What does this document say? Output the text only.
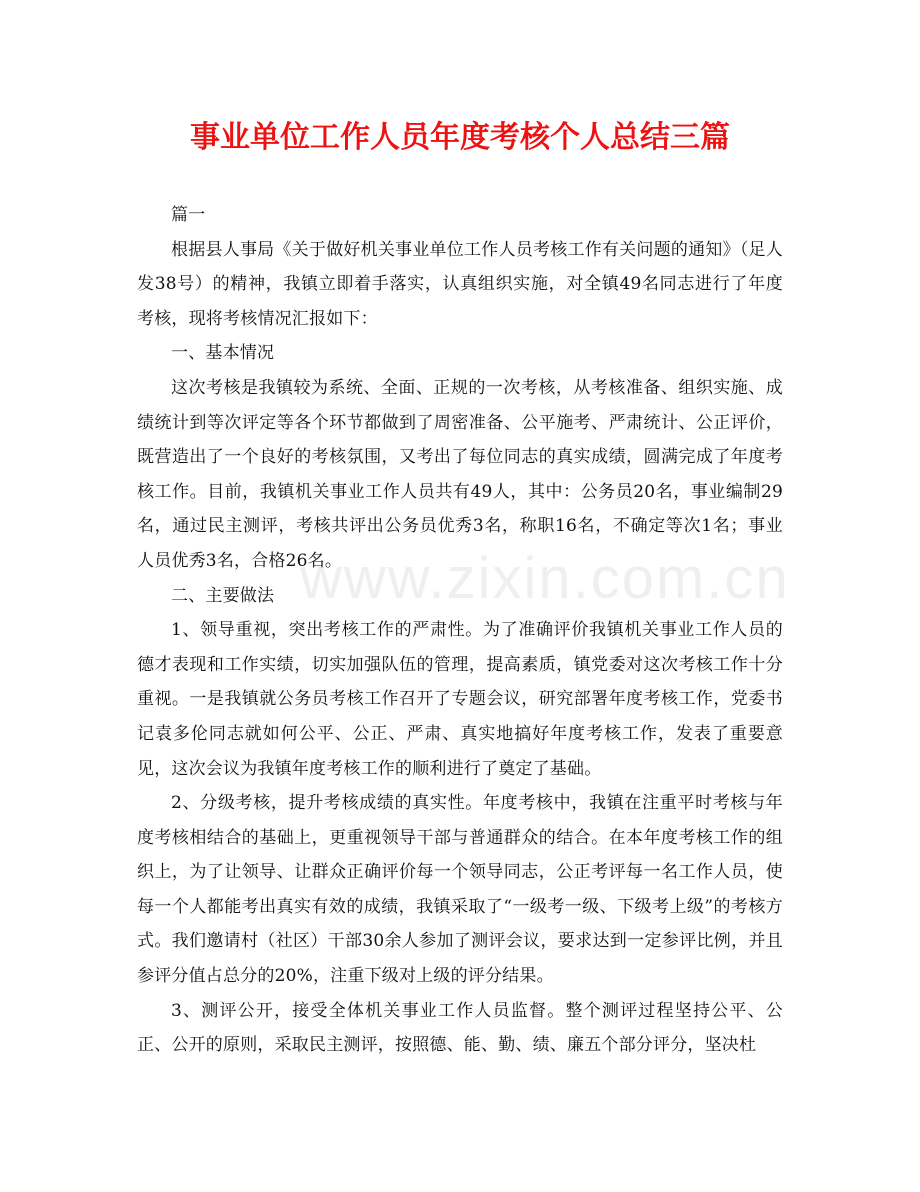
事业单位工作人员年度考核个人总结三篇
www.zixin.com.cn

篇一

根据县人事局《关于做好机关事业单位工作人员考核工作有关问题的通知》（足人发38号）的精神，我镇立即着手落实，认真组织实施，对全镇49名同志进行了年度考核，现将考核情况汇报如下：

一、基本情况

这次考核是我镇较为系统、全面、正规的一次考核，从考核准备、组织实施、成绩统计到等次评定等各个环节都做到了周密准备、公平施考、严肃统计、公正评价，既营造出了一个良好的考核氛围，又考出了每位同志的真实成绩，圆满完成了年度考核工作。目前，我镇机关事业工作人员共有49人，其中：公务员20名，事业编制29名，通过民主测评，考核共评出公务员优秀3名，称职16名，不确定等次1名；事业人员优秀3名，合格26名。

二、主要做法

1、领导重视，突出考核工作的严肃性。为了准确评价我镇机关事业工作人员的德才表现和工作实绩，切实加强队伍的管理，提高素质，镇党委对这次考核工作十分重视。一是我镇就公务员考核工作召开了专题会议，研究部署年度考核工作，党委书记袁多伦同志就如何公平、公正、严肃、真实地搞好年度考核工作，发表了重要意见，这次会议为我镇年度考核工作的顺利进行了奠定了基础。

2、分级考核，提升考核成绩的真实性。年度考核中，我镇在注重平时考核与年度考核相结合的基础上，更重视领导干部与普通群众的结合。在本年度考核工作的组织上，为了让领导、让群众正确评价每一个领导同志，公正考评每一名工作人员，使每一个人都能考出真实有效的成绩，我镇采取了“一级考一级、下级考上级”的考核方式。我们邀请村（社区）干部30余人参加了测评会议，要求达到一定参评比例，并且参评分值占总分的20%，注重下级对上级的评分结果。

3、测评公开，接受全体机关事业工作人员监督。整个测评过程坚持公平、公正、公开的原则，采取民主测评，按照德、能、勤、绩、廉五个部分评分，坚决杜
